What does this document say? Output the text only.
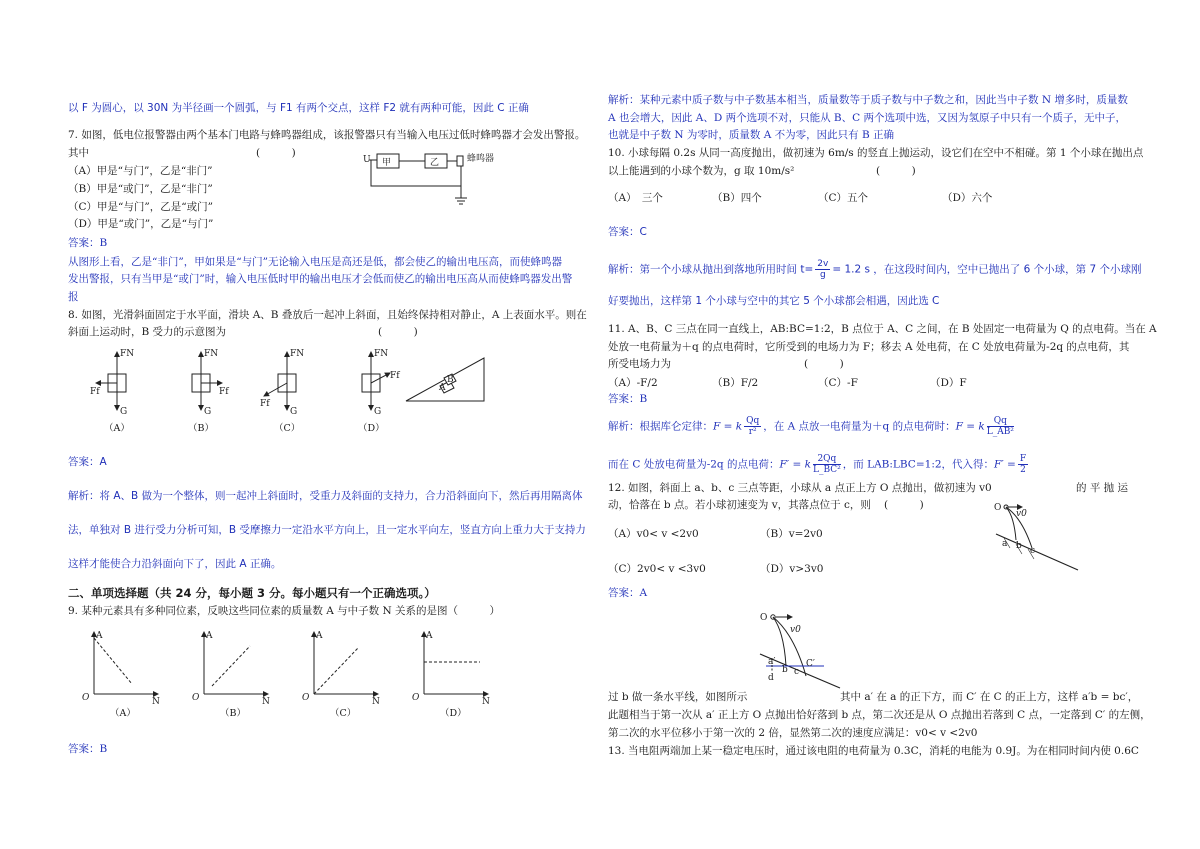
以 F 为圆心，以 30N 为半径画一个圆弧，与 F1 有两个交点，这样 F2 就有两种可能，因此 C 正确
7. 如图，低电位报警器由两个基本门电路与蜂鸣器组成，该报警器只有当输入电压过低时蜂鸣器才会发出警报。
其中	(　　　)
（A）甲是“与门”，乙是“非门”
（B）甲是“或门”，乙是“非门”
（C）甲是“与门”，乙是“或门”
（D）甲是“或门”，乙是“与门”
U 甲	乙	蜂鸣器
答案：B
从图形上看，乙是“非门”，甲如果是“与门”无论输入电压是高还是低，都会使乙的输出电压高，而使蜂鸣器
发出警报，只有当甲是“或门”时，输入电压低时甲的输出电压才会低而使乙的输出电压高从而使蜂鸣器发出警
报
8. 如图，光滑斜面固定于水平面，滑块 A、B 叠放后一起冲上斜面，且始终保持相对静止，A 上表面水平。则在
斜面上运动时，B 受力的示意图为	(　　　)
FN
Ff
G
FN
Ff
G
FN
Ff
G
FN
Ff
G
A
B
（A）	（B）	（C）	（D）
答案：A
解析：将 A、B 做为一个整体，则一起冲上斜面时，受重力及斜面的支持力，合力沿斜面向下，然后再用隔离体
法，单独对 B 进行受力分析可知，B 受摩擦力一定沿水平方向上，且一定水平向左，竖直方向上重力大于支持力
这样才能使合力沿斜面向下了，因此 A 正确。
二、单项选择题（共 24 分，每小题 3 分。每小题只有一个正确选项。）
9. 某种元素具有多种同位素，反映这些同位素的质量数 A 与中子数 N 关系的是图（　　　）
A
N
O
A
N
O
A
N
O
A
N
O
（A）	（B）	（C）	（D）
答案：B
解析：某种元素中质子数与中子数基本相当，质量数等于质子数与中子数之和，因此当中子数 N 增多时，质量数
A 也会增大，因此 A、D 两个选项不对，只能从 B、C 两个选项中选，又因为氢原子中只有一个质子，无中子，
也就是中子数 N 为零时，质量数 A 不为零，因此只有 B 正确
10. 小球每隔 0.2s 从同一高度抛出，做初速为 6m/s 的竖直上抛运动，设它们在空中不相碰。第 1 个小球在抛出点
以上能遇到的小球个数为，g 取 10m/s²	(　　　)
（A）　三个	（B）四个	（C）五个	（D）六个
答案：C
解析：第一个小球从抛出到落地所用时间 $t= \frac{2v}{g} = 1.2$ s ，在这段时间内，空中已抛出了 6 个小球，第 7 个小球刚
好要抛出，这样第 1 个小球与空中的其它 5 个小球都会相遇，因此选 C
11. A、B、C 三点在同一直线上，AB:BC=1:2，B 点位于 A、C 之间，在 B 处固定一电荷量为 Q 的点电荷。当在 A
处放一电荷量为＋q 的点电荷时，它所受到的电场力为 F；移去 A 处电荷，在 C 处放电荷量为-2q 的点电荷，其
所受电场力为	(　　　)
（A）-F/2	（B）F/2	（C）-F	（D）F
答案：B
解析：根据库仑定律：F = k $\frac{Qq}{\text{r²}}$ ，在 A 点放一电荷量为＋q 的点电荷时：F = k $\frac{Qq}{\text{L\_AB²}}$
而在 C 处放电荷量为-2q 的点电荷：F′ = k $\frac{2Qq}{\text{L\_BC²}}$ ，而 LAB:LBC=1:2，代入得：$F' = \frac{F}{2}$
12. 如图，斜面上 a、b、c 三点等距，小球从 a 点正上方 O 点抛出，做初速为 v0	的 平 抛 运
动，恰落在 b 点。若小球初速变为 v，其落点位于 c，则 (　　　)
（A）v0< v <2v0	（B）v=2v0
（C）2v0< v <3v0	（D）v>3v0
O
v0
a b c
答案：A
O
v0
a′
b c
C′
d
过 b 做一条水平线，如图所示	其中 a′ 在 a 的正下方，而 C′ 在 C 的正上方，这样 a′b = bc′，
此题相当于第一次从 a′ 正上方 O 点抛出恰好落到 b 点，第二次还是从 O 点抛出若落到 C 点，一定落到 C′ 的左侧，
第二次的水平位移小于第一次的 2 倍，显然第二次的速度应满足：v0< v <2v0
13. 当电阻两端加上某一稳定电压时，通过该电阻的电荷量为 0.3C，消耗的电能为 0.9J。为在相同时间内使 0.6C
